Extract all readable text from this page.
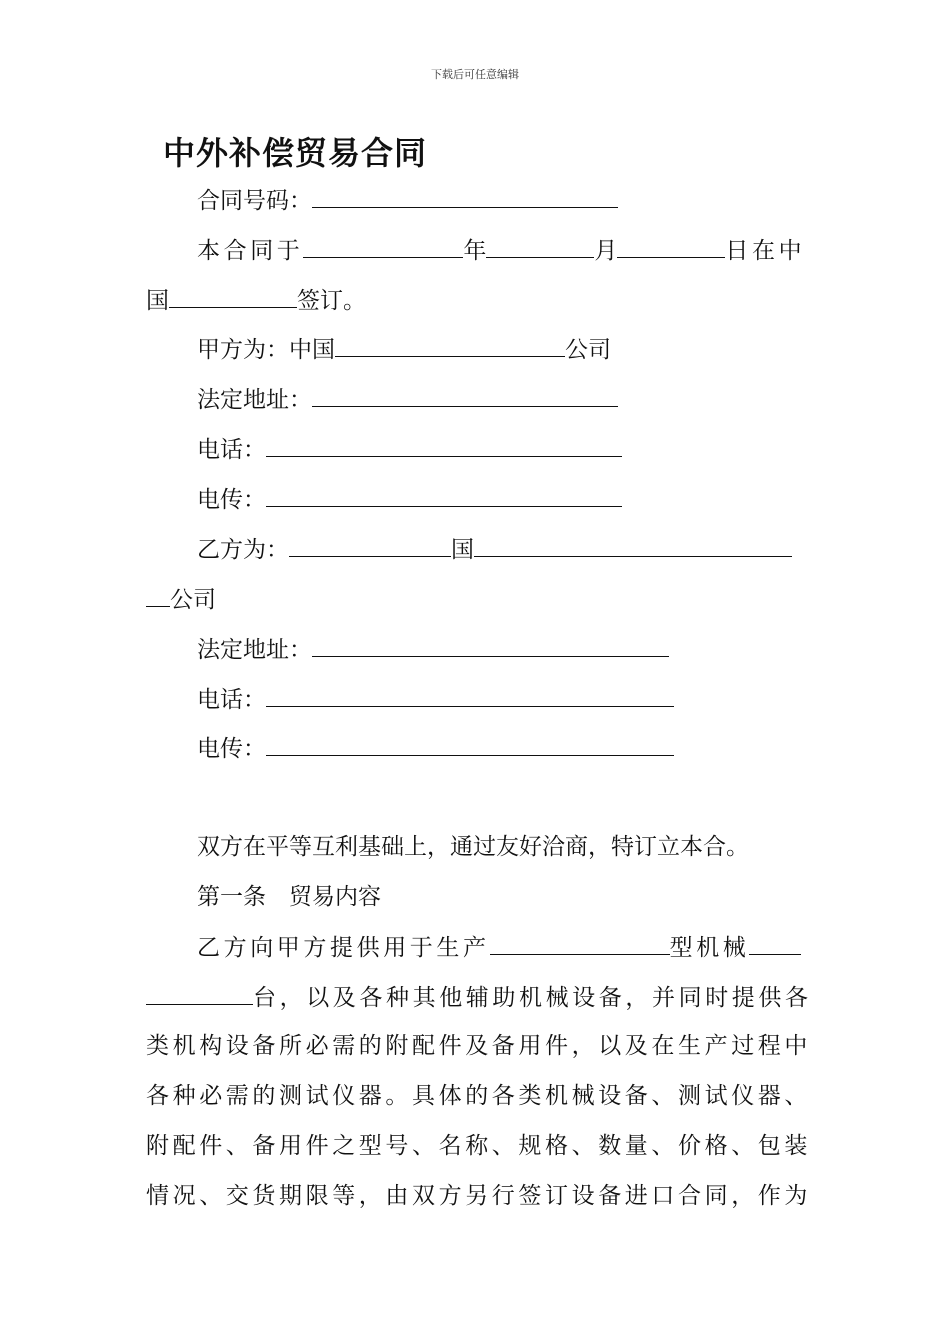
下载后可任意编辑
中外补偿贸易合同
合同号码：
本合同于	年	月	日在中
国	签订。
甲方为：中国	公司
法定地址：
电话：
电传：
乙方为：	国
公司
法定地址：
电话：
电传：
双方在平等互利基础上，通过友好洽商，特订立本合。
第一条　贸易内容
乙方向甲方提供用于生产	型机械
台，以及各种其他辅助机械设备，并同时提供各
类机构设备所必需的附配件及备用件，以及在生产过程中
各种必需的测试仪器。具体的各类机械设备、测试仪器、
附配件、备用件之型号、名称、规格、数量、价格、包装
情况、交货期限等，由双方另行签订设备进口合同，作为
